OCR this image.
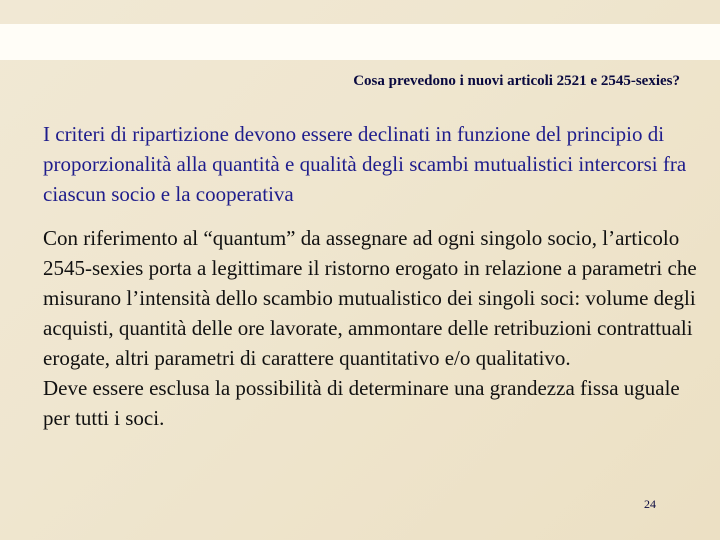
Cosa prevedono i nuovi articoli 2521 e 2545-sexies?

I criteri di ripartizione devono essere declinati in funzione del principio di proporzionalità alla quantità e qualità degli scambi mutualistici intercorsi fra ciascun socio e la cooperativa

Con riferimento al “quantum” da assegnare ad ogni singolo socio, l’articolo 2545-sexies porta a legittimare il ristorno erogato in relazione a parametri che misurano l’intensità dello scambio mutualistico dei singoli soci: volume degli acquisti, quantità delle ore lavorate, ammontare delle retribuzioni contrattuali erogate, altri parametri di carattere quantitativo e/o qualitativo.

Deve essere esclusa la possibilità di determinare una grandezza fissa uguale per tutti i soci.

24
